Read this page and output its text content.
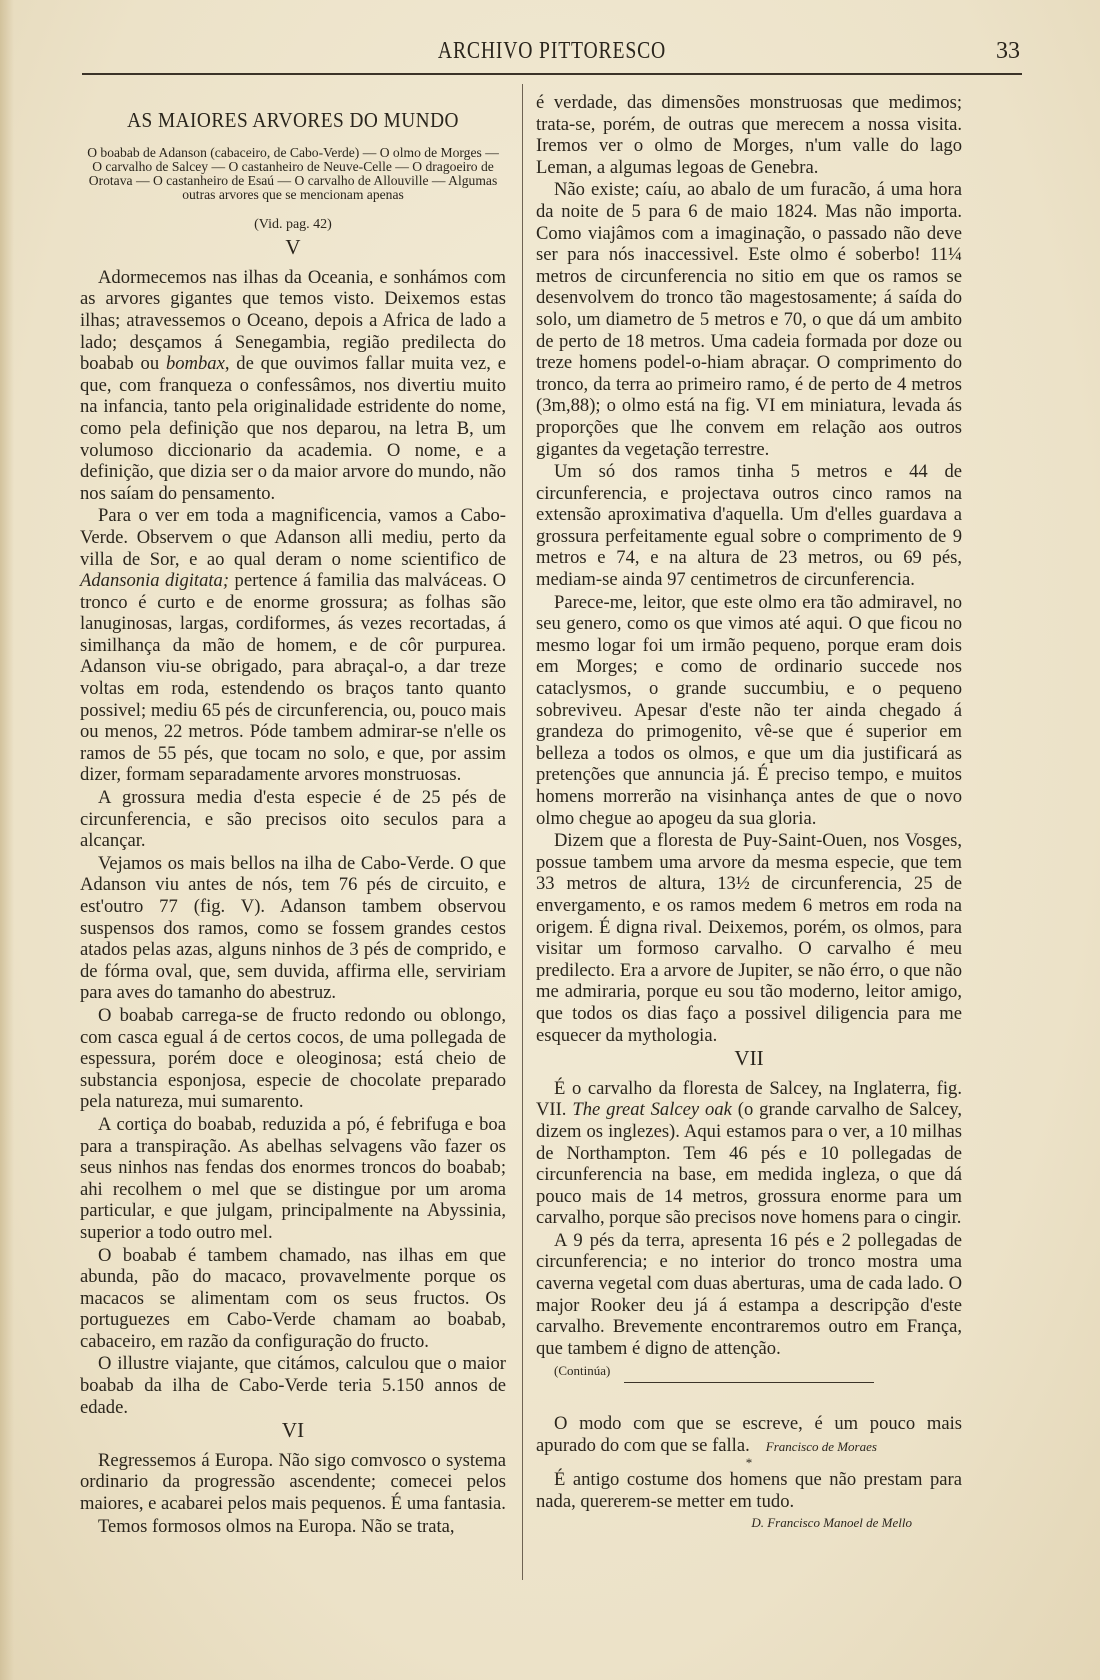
ARCHIVO PITTORESCO	33
AS MAIORES ARVORES DO MUNDO
O boabab de Adanson (cabaceiro, de Cabo-Verde) — O olmo de Morges — O carvalho de Salcey — O castanheiro de Neuve-Celle — O dragoeiro de Orotava — O castanheiro de Esaú — O carvalho de Allouville — Algumas outras arvores que se mencionam apenas
(Vid. pag. 42)
V

Adormecemos nas ilhas da Oceania, e sonhámos com as arvores gigantes que temos visto. Deixemos estas ilhas; atravessemos o Oceano, depois a Africa de lado a lado; desçamos á Senegambia, região predilecta do boabab ou bombax, de que ouvimos fallar muita vez, e que, com franqueza o confessâmos, nos divertiu muito na infancia, tanto pela originalidade estridente do nome, como pela definição que nos deparou, na letra B, um volumoso diccionario da academia. O nome, e a definição, que dizia ser o da maior arvore do mundo, não nos saíam do pensamento.

Para o ver em toda a magnificencia, vamos a Cabo-Verde. Observem o que Adanson alli mediu, perto da villa de Sor, e ao qual deram o nome scientifico de Adansonia digitata; pertence á familia das malváceas. O tronco é curto e de enorme grossura; as folhas são lanuginosas, largas, cordiformes, ás vezes recortadas, á similhança da mão de homem, e de côr purpurea. Adanson viu-se obrigado, para abraçal-o, a dar treze voltas em roda, estendendo os braços tanto quanto possivel; mediu 65 pés de circunferencia, ou, pouco mais ou menos, 22 metros. Póde tambem admirar-se n'elle os ramos de 55 pés, que tocam no solo, e que, por assim dizer, formam separadamente arvores monstruosas.

A grossura media d'esta especie é de 25 pés de circunferencia, e são precisos oito seculos para a alcançar.

Vejamos os mais bellos na ilha de Cabo-Verde. O que Adanson viu antes de nós, tem 76 pés de circuito, e est'outro 77 (fig. V). Adanson tambem observou suspensos dos ramos, como se fossem grandes cestos atados pelas azas, alguns ninhos de 3 pés de comprido, e de fórma oval, que, sem duvida, affirma elle, serviriam para aves do tamanho do abestruz.

O boabab carrega-se de fructo redondo ou oblongo, com casca egual á de certos cocos, de uma pollegada de espessura, porém doce e oleoginosa; está cheio de substancia esponjosa, especie de chocolate preparado pela natureza, mui sumarento.

A cortiça do boabab, reduzida a pó, é febrifuga e boa para a transpiração. As abelhas selvagens vão fazer os seus ninhos nas fendas dos enormes troncos do boabab; ahi recolhem o mel que se distingue por um aroma particular, e que julgam, principalmente na Abyssinia, superior a todo outro mel.

O boabab é tambem chamado, nas ilhas em que abunda, pão do macaco, provavelmente porque os macacos se alimentam com os seus fructos. Os portuguezes em Cabo-Verde chamam ao boabab, cabaceiro, em razão da configuração do fructo.

O illustre viajante, que citámos, calculou que o maior boabab da ilha de Cabo-Verde teria 5.150 annos de edade.

VI

Regressemos á Europa. Não sigo comvosco o systema ordinario da progressão ascendente; comecei pelos maiores, e acabarei pelos mais pequenos. É uma fantasia.

Temos formosos olmos na Europa. Não se trata,

é verdade, das dimensões monstruosas que medimos; trata-se, porém, de outras que merecem a nossa visita. Iremos ver o olmo de Morges, n'um valle do lago Leman, a algumas legoas de Genebra.

Não existe; caíu, ao abalo de um furacão, á uma hora da noite de 5 para 6 de maio 1824. Mas não importa. Como viajâmos com a imaginação, o passado não deve ser para nós inaccessivel. Este olmo é soberbo! 11¼ metros de circunferencia no sitio em que os ramos se desenvolvem do tronco tão magestosamente; á saída do solo, um diametro de 5 metros e 70, o que dá um ambito de perto de 18 metros. Uma cadeia formada por doze ou treze homens podel-o-hiam abraçar. O comprimento do tronco, da terra ao primeiro ramo, é de perto de 4 metros (3m,88); o olmo está na fig. VI em miniatura, levada ás proporções que lhe convem em relação aos outros gigantes da vegetação terrestre.

Um só dos ramos tinha 5 metros e 44 de circunferencia, e projectava outros cinco ramos na extensão aproximativa d'aquella. Um d'elles guardava a grossura perfeitamente egual sobre o comprimento de 9 metros e 74, e na altura de 23 metros, ou 69 pés, mediam-se ainda 97 centimetros de circunferencia.

Parece-me, leitor, que este olmo era tão admiravel, no seu genero, como os que vimos até aqui. O que ficou no mesmo logar foi um irmão pequeno, porque eram dois em Morges; e como de ordinario succede nos cataclysmos, o grande succumbiu, e o pequeno sobreviveu. Apesar d'este não ter ainda chegado á grandeza do primogenito, vê-se que é superior em belleza a todos os olmos, e que um dia justificará as pretenções que annuncia já. É preciso tempo, e muitos homens morrerão na visinhança antes de que o novo olmo chegue ao apogeu da sua gloria.

Dizem que a floresta de Puy-Saint-Ouen, nos Vosges, possue tambem uma arvore da mesma especie, que tem 33 metros de altura, 13½ de circunferencia, 25 de envergamento, e os ramos medem 6 metros em roda na origem. É digna rival. Deixemos, porém, os olmos, para visitar um formoso carvalho. O carvalho é meu predilecto. Era a arvore de Jupiter, se não érro, o que não me admiraria, porque eu sou tão moderno, leitor amigo, que todos os dias faço a possivel diligencia para me esquecer da mythologia.

VII

É o carvalho da floresta de Salcey, na Inglaterra, fig. VII. The great Salcey oak (o grande carvalho de Salcey, dizem os inglezes). Aqui estamos para o ver, a 10 milhas de Northampton. Tem 46 pés e 10 pollegadas de circunferencia na base, em medida ingleza, o que dá pouco mais de 14 metros, grossura enorme para um carvalho, porque são precisos nove homens para o cingir.

A 9 pés da terra, apresenta 16 pés e 2 pollegadas de circunferencia; e no interior do tronco mostra uma caverna vegetal com duas aberturas, uma de cada lado. O major Rooker deu já á estampa a descripção d'este carvalho. Brevemente encontraremos outro em França, que tambem é digno de attenção.

(Continúa)

O modo com que se escreve, é um pouco mais apurado do com que se falla. Francisco de Moraes

*

É antigo costume dos homens que não prestam para nada, quererem-se metter em tudo.

D. Francisco Manoel de Mello
